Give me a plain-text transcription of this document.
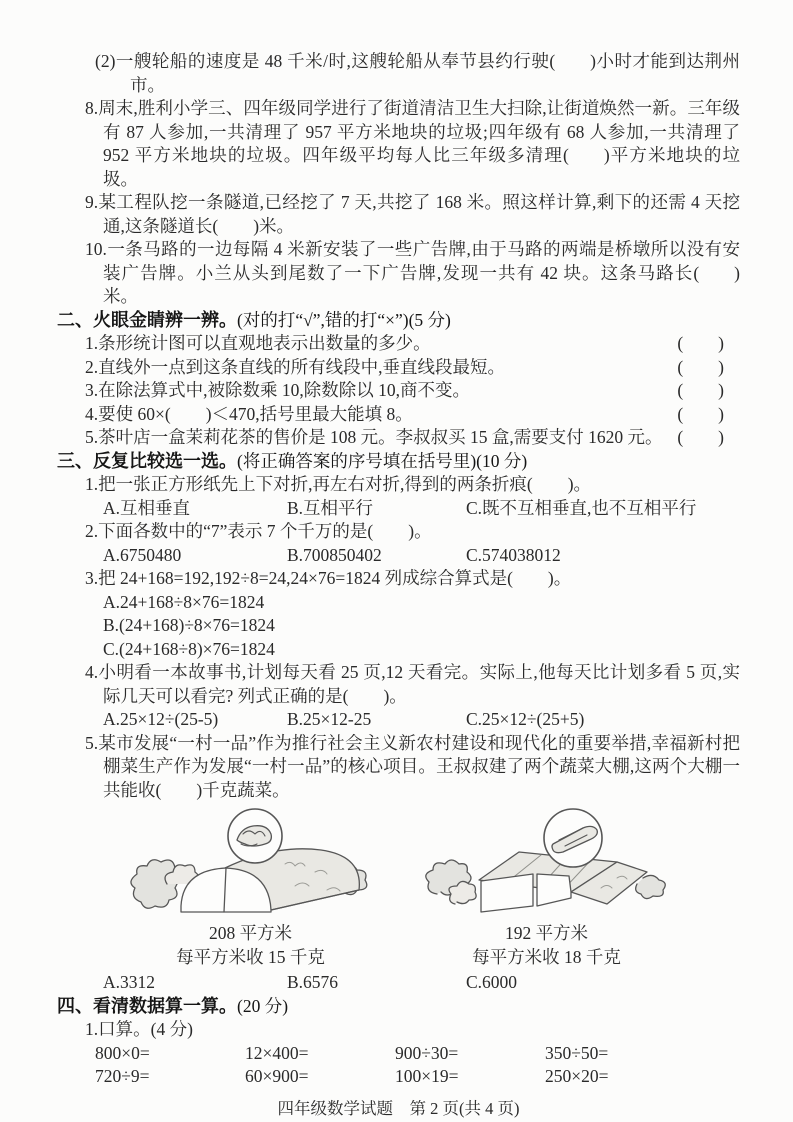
(2)一艘轮船的速度是 48 千米/时,这艘轮船从奉节县约行驶(  )小时才能到达荆州市。
8.周末,胜利小学三、四年级同学进行了街道清洁卫生大扫除,让街道焕然一新。三年级有 87 人参加,一共清理了 957 平方米地块的垃圾;四年级有 68 人参加,一共清理了 952 平方米地块的垃圾。四年级平均每人比三年级多清理(  )平方米地块的垃圾。
9.某工程队挖一条隧道,已经挖了 7 天,共挖了 168 米。照这样计算,剩下的还需 4 天挖通,这条隧道长(  )米。
10.一条马路的一边每隔 4 米新安装了一些广告牌,由于马路的两端是桥墩所以没有安装广告牌。小兰从头到尾数了一下广告牌,发现一共有 42 块。这条马路长(  )米。
二、火眼金睛辨一辨。(对的打“√”,错的打“×”)(5 分)
1.条形统计图可以直观地表示出数量的多少。	(  )
2.直线外一点到这条直线的所有线段中,垂直线段最短。	(  )
3.在除法算式中,被除数乘 10,除数除以 10,商不变。	(  )
4.要使 60×(  )＜470,括号里最大能填 8。	(  )
5.茶叶店一盒茉莉花茶的售价是 108 元。李叔叔买 15 盒,需要支付 1620 元。 (  )
三、反复比较选一选。(将正确答案的序号填在括号里)(10 分)
1.把一张正方形纸先上下对折,再左右对折,得到的两条折痕(  )。
A.互相垂直	B.互相平行	C.既不互相垂直,也不互相平行
2.下面各数中的“7”表示 7 个千万的是(  )。
A.6750480	B.700850402	C.574038012
3.把 24+168=192,192÷8=24,24×76=1824 列成综合算式是(  )。
A.24+168÷8×76=1824
B.(24+168)÷8×76=1824
C.(24+168÷8)×76=1824
4.小明看一本故事书,计划每天看 25 页,12 天看完。实际上,他每天比计划多看 5 页,实际几天可以看完? 列式正确的是(  )。
A.25×12÷(25-5)	B.25×12-25	C.25×12÷(25+5)
5.某市发展“一村一品”作为推行社会主义新农村建设和现代化的重要举措,幸福新村把棚菜生产作为发展“一村一品”的核心项目。王叔叔建了两个蔬菜大棚,这两个大棚一共能收(  )千克蔬菜。
208 平方米
每平方米收 15 千克
192 平方米
每平方米收 18 千克
A.3312	B.6576	C.6000
四、看清数据算一算。(20 分)
1.口算。(4 分)
800×0=	12×400=	900÷30=	350÷50=
720÷9=	60×900=	100×19=	250×20=
四年级数学试题 第 2 页(共 4 页)
